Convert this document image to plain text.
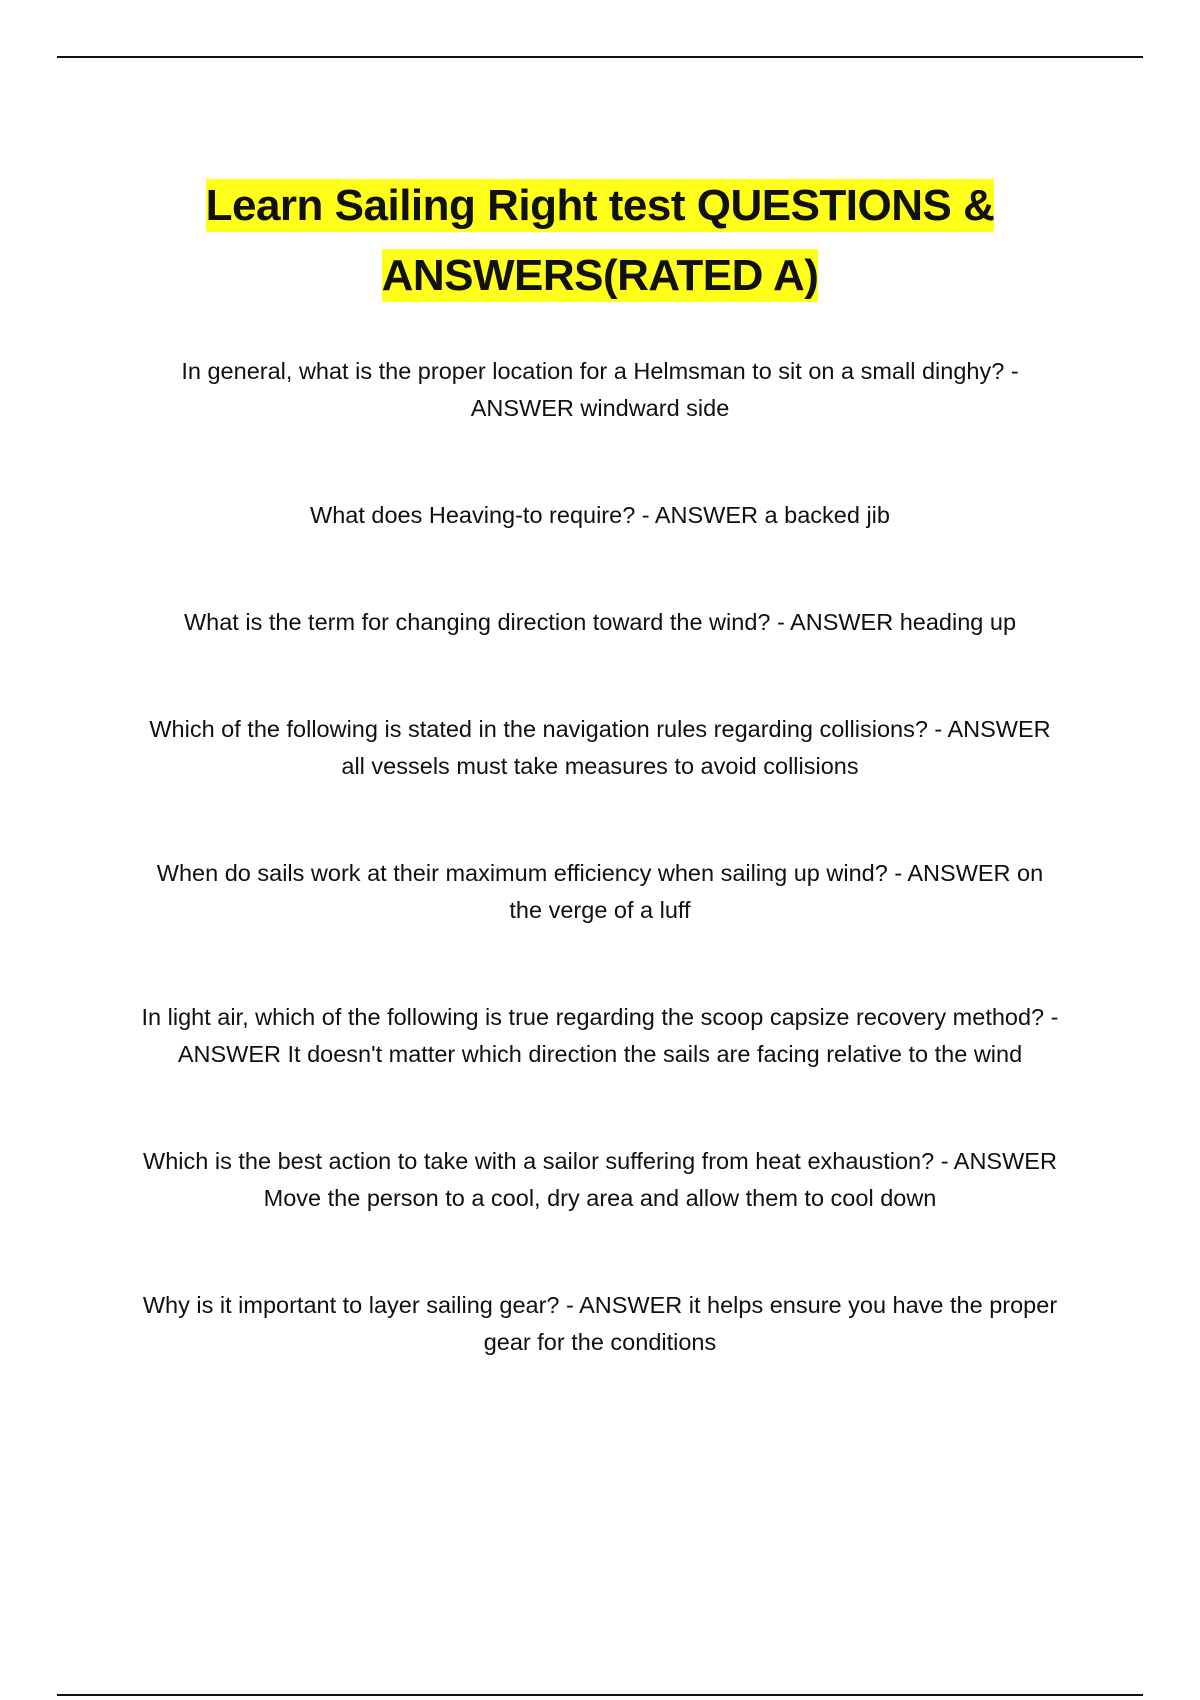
Learn Sailing Right test QUESTIONS & ANSWERS(RATED A)

In general, what is the proper location for a Helmsman to sit on a small dinghy? - ANSWER windward side

What does Heaving-to require? - ANSWER a backed jib

What is the term for changing direction toward the wind? - ANSWER heading up

Which of the following is stated in the navigation rules regarding collisions? - ANSWER all vessels must take measures to avoid collisions

When do sails work at their maximum efficiency when sailing up wind? - ANSWER on the verge of a luff

In light air, which of the following is true regarding the scoop capsize recovery method? - ANSWER It doesn't matter which direction the sails are facing relative to the wind

Which is the best action to take with a sailor suffering from heat exhaustion? - ANSWER Move the person to a cool, dry area and allow them to cool down

Why is it important to layer sailing gear? - ANSWER it helps ensure you have the proper gear for the conditions
